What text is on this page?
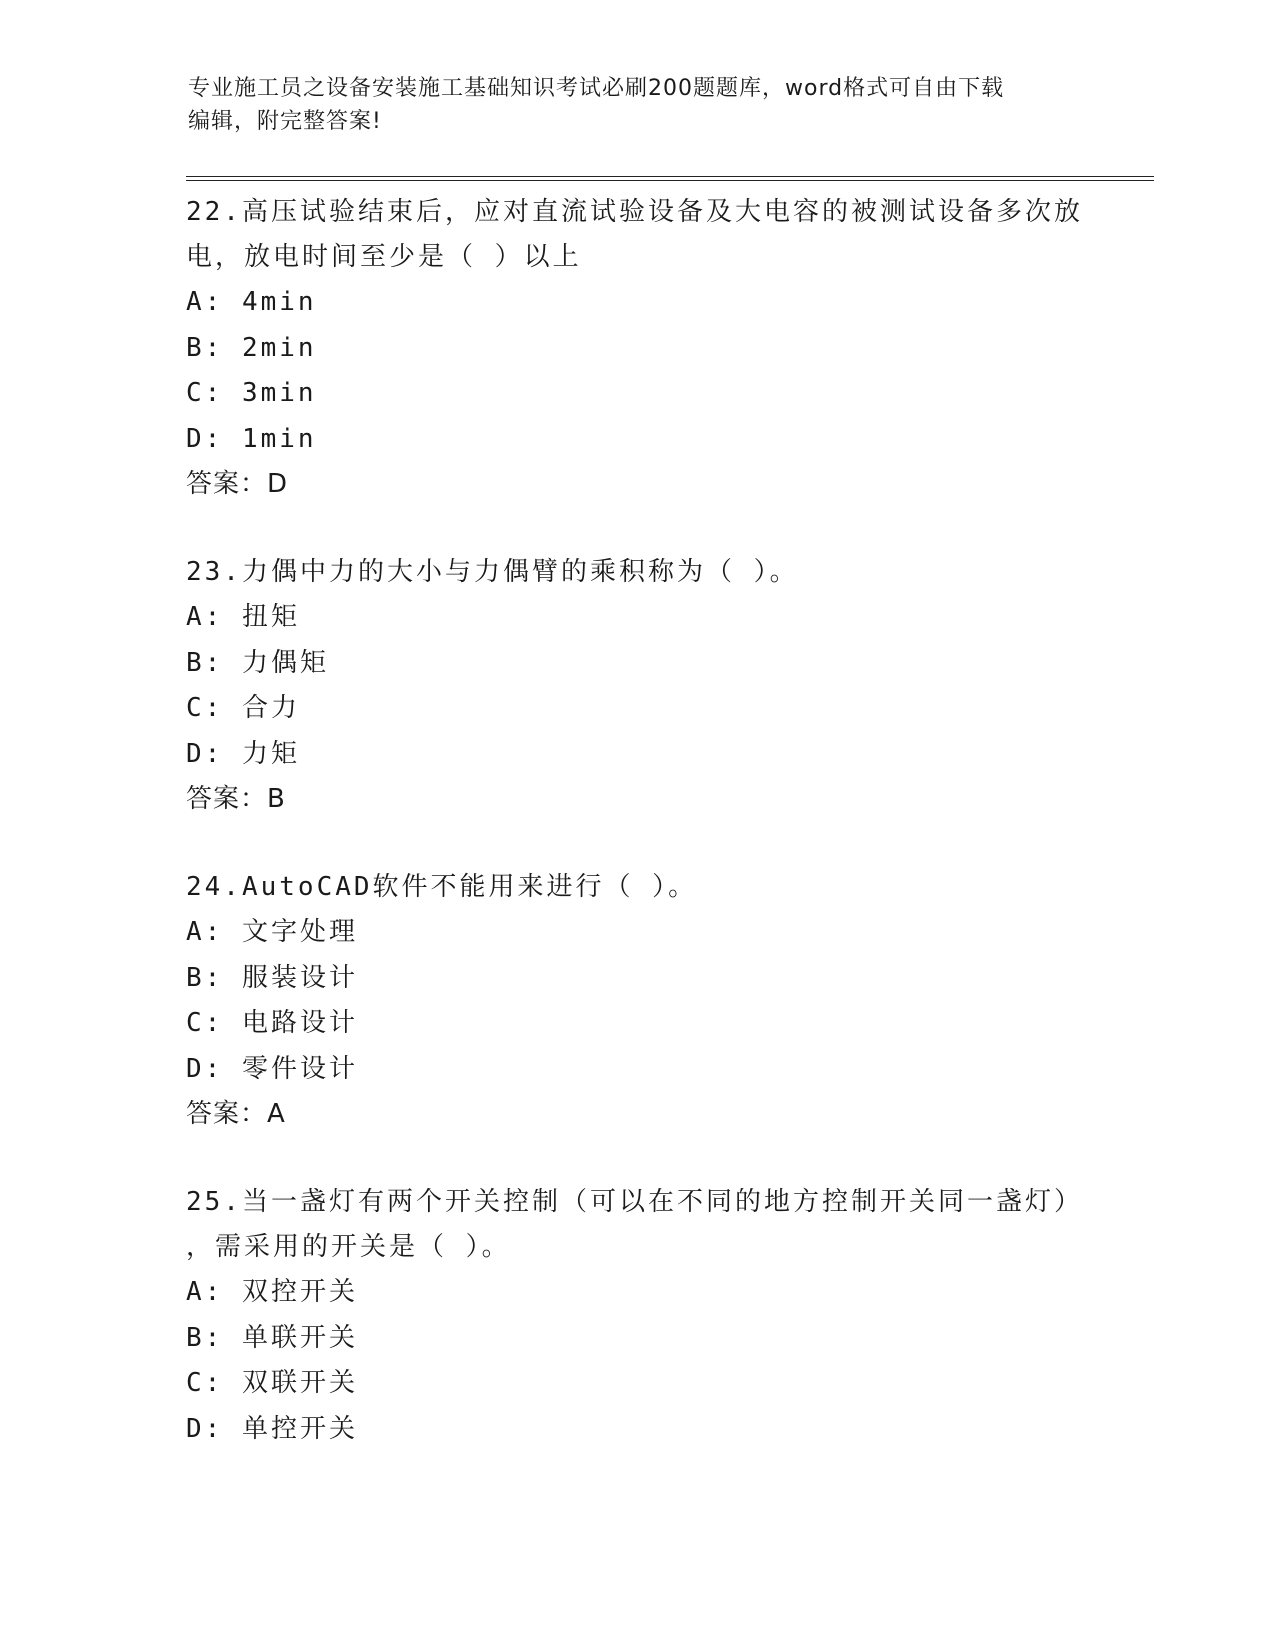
专业施工员之设备安装施工基础知识考试必刷200题题库，word格式可自由下载
编辑，附完整答案!
22.高压试验结束后，应对直流试验设备及大电容的被测试设备多次放
电，放电时间至少是（ ）以上
A: 4min
B: 2min
C: 3min
D: 1min
答案：D
23.力偶中力的大小与力偶臂的乘积称为（ ）。
A: 扭矩
B: 力偶矩
C: 合力
D: 力矩
答案：B
24.AutoCAD软件不能用来进行（ ）。
A: 文字处理
B: 服装设计
C: 电路设计
D: 零件设计
答案：A
25.当一盏灯有两个开关控制（可以在不同的地方控制开关同一盏灯）
，需采用的开关是（ ）。
A: 双控开关
B: 单联开关
C: 双联开关
D: 单控开关
